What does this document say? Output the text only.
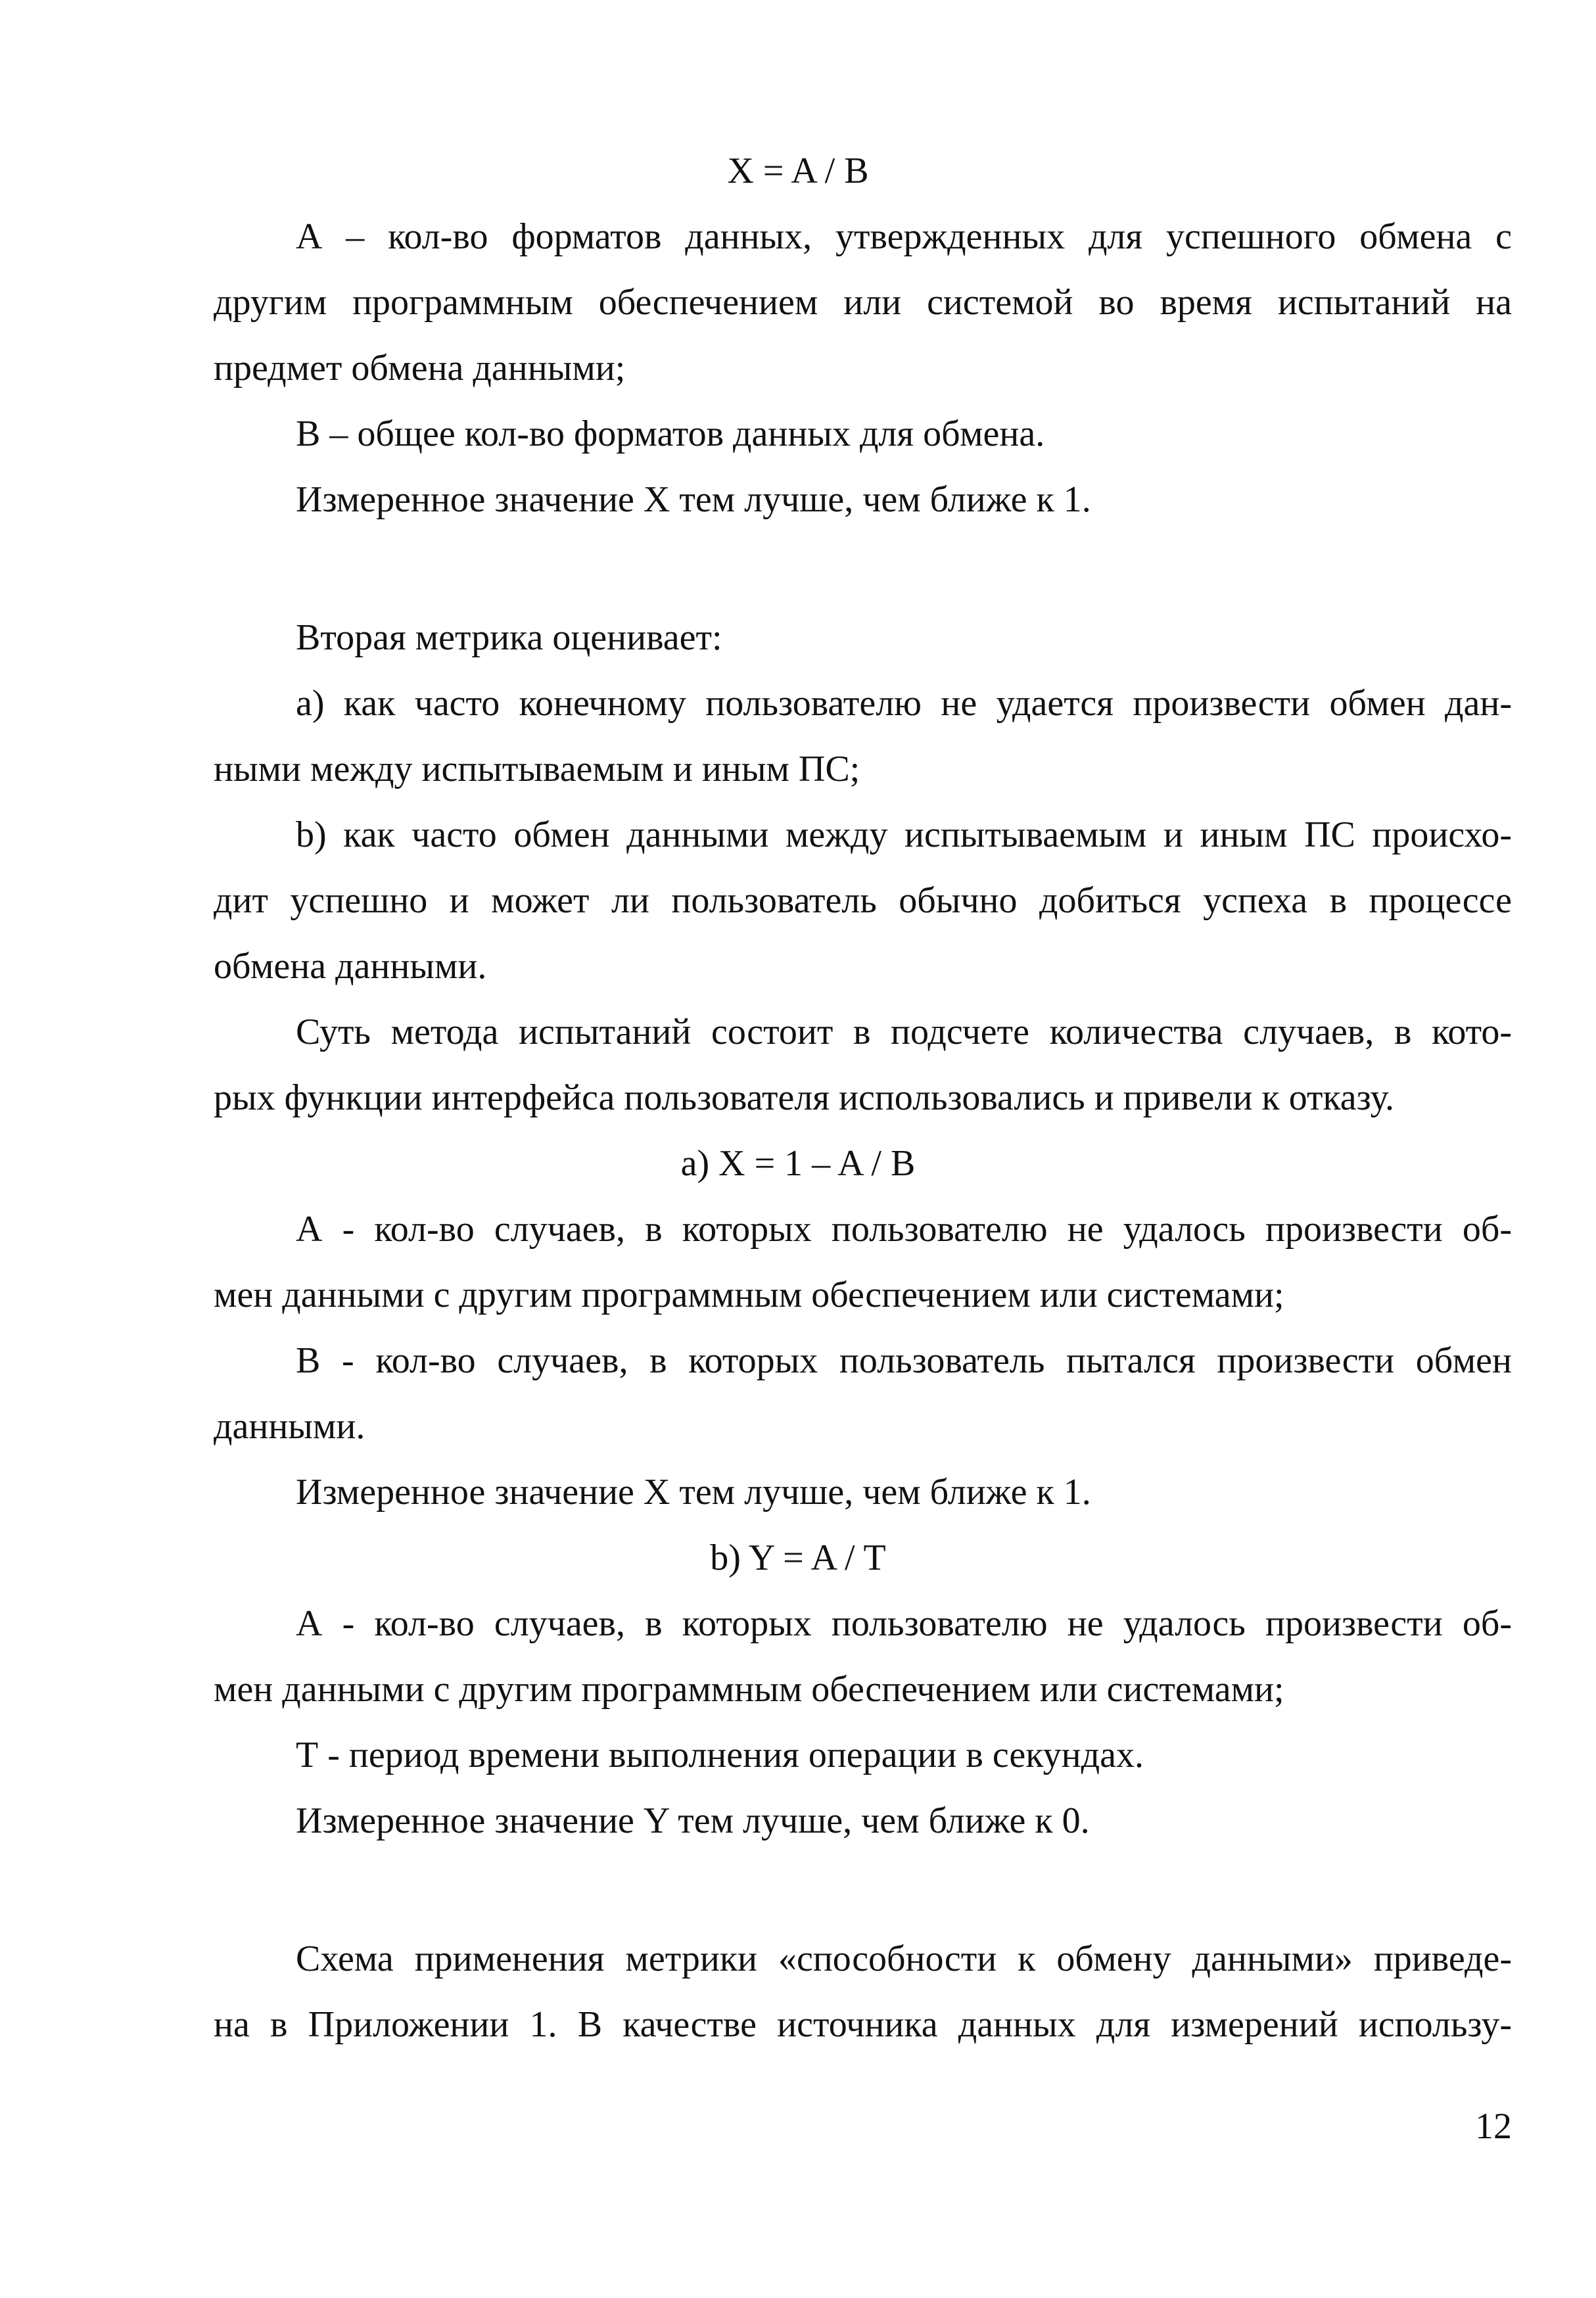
X = A / B
А – кол-во форматов данных, утвержденных для успешного обмена с
другим программным обеспечением или системой во время испытаний на
предмет обмена данными;
В – общее кол-во форматов данных для обмена.
Измеренное значение X тем лучше, чем ближе к 1.
Вторая метрика оценивает:
а) как часто конечному пользователю не удается произвести обмен дан-
ными между испытываемым и иным ПС;
b) как часто обмен данными между испытываемым и иным ПС происхо-
дит успешно и может ли пользователь обычно добиться успеха в процессе
обмена данными.
Суть метода испытаний состоит в подсчете количества случаев, в кото-
рых функции интерфейса пользователя использовались и привели к отказу.
a) X = 1 – A / B
А - кол-во случаев, в которых пользователю не удалось произвести об-
мен данными с другим программным обеспечением или системами;
В - кол-во случаев, в которых пользователь пытался произвести обмен
данными.
Измеренное значение X тем лучше, чем ближе к 1.
b) Y = A / T
А - кол-во случаев, в которых пользователю не удалось произвести об-
мен данными с другим программным обеспечением или системами;
Т - период времени выполнения операции в секундах.
Измеренное значение Y тем лучше, чем ближе к 0.
Схема применения метрики «способности к обмену данными» приведе-
на в Приложении 1. В качестве источника данных для измерений использу-
12
